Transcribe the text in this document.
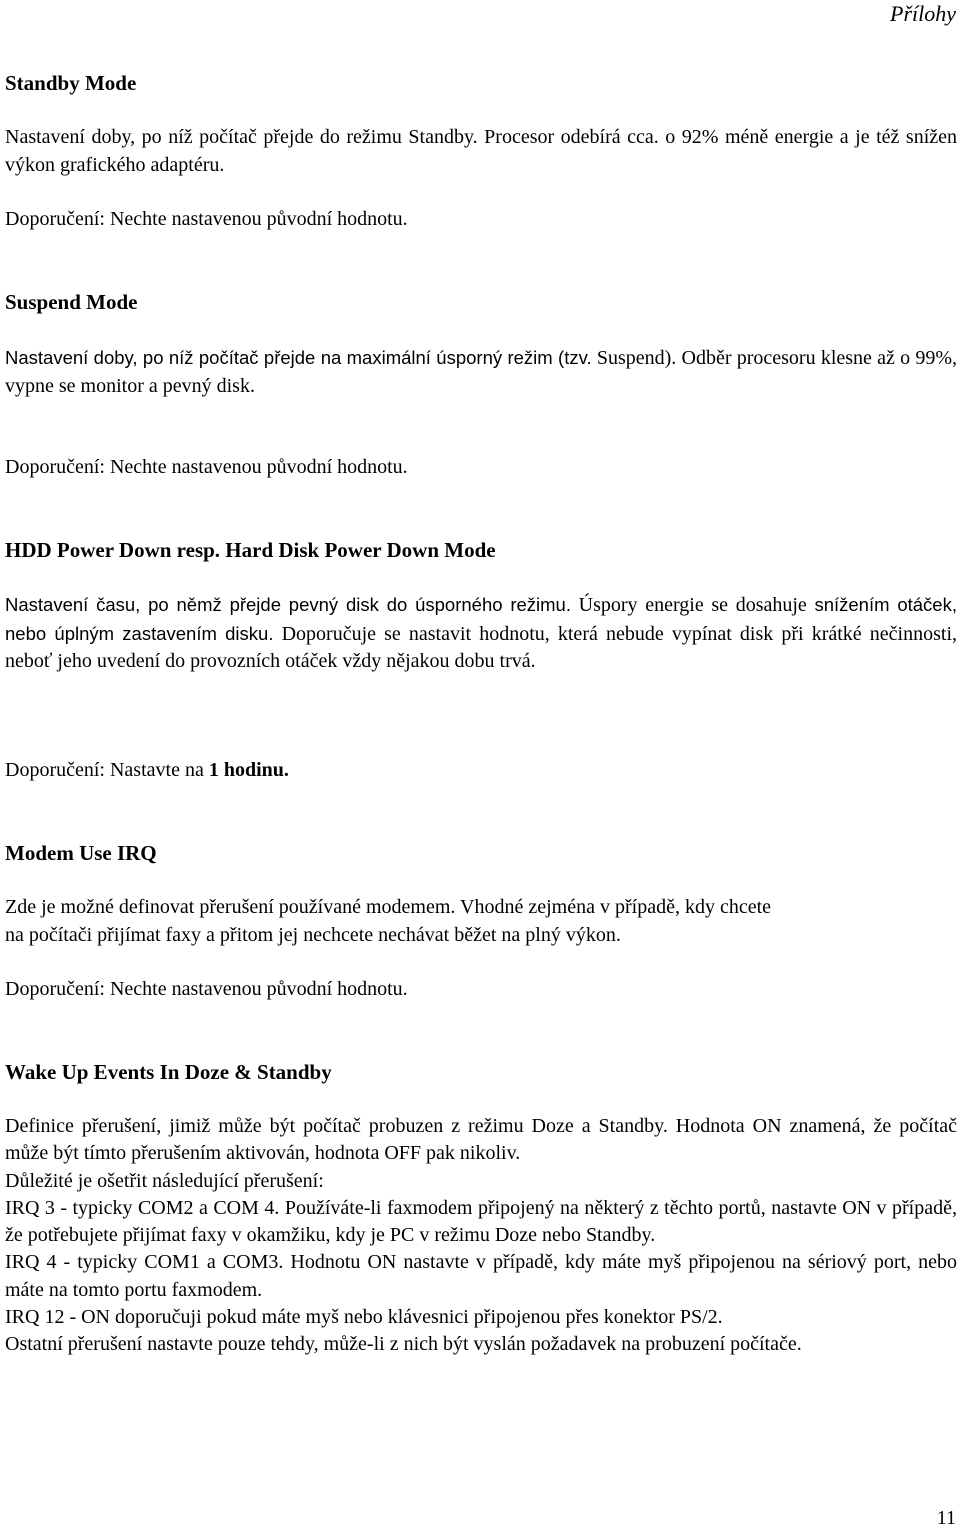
Přílohy
Standby Mode

Nastavení doby, po níž počítač přejde do režimu Standby. Procesor odebírá cca. o 92% méně energie a je též snížen výkon grafického adaptéru.

Doporučení: Nechte nastavenou původní hodnotu.

Suspend Mode

Nastavení doby, po níž počítač přejde na maximální úsporný režim (tzv. Suspend). Odběr procesoru klesne až o 99%, vypne se monitor a pevný disk.

Doporučení: Nechte nastavenou původní hodnotu.

HDD Power Down resp. Hard Disk Power Down Mode

Nastavení času, po němž přejde pevný disk do úsporného režimu. Úspory energie se dosahuje snížením otáček, nebo úplným zastavením disku. Doporučuje se nastavit hodnotu, která nebude vypínat disk při krátké nečinnosti, neboť jeho uvedení do provozních otáček vždy nějakou dobu trvá.

Doporučení: Nastavte na 1 hodinu.

Modem Use IRQ

Zde je možné definovat přerušení používané modemem. Vhodné zejména v případě, kdy chcete

na počítači přijímat faxy a přitom jej nechcete nechávat běžet na plný výkon.

Doporučení: Nechte nastavenou původní hodnotu.

Wake Up Events In Doze & Standby

Definice přerušení, jimiž může být počítač probuzen z režimu Doze a Standby. Hodnota ON znamená, že počítač může být tímto přerušením aktivován, hodnota OFF pak nikoliv.

Důležité je ošetřit následující přerušení:

IRQ 3 - typicky COM2 a COM 4. Používáte-li faxmodem připojený na některý z těchto portů, nastavte ON v případě, že potřebujete přijímat faxy v okamžiku, kdy je PC v režimu Doze nebo Standby.

IRQ 4 - typicky COM1 a COM3. Hodnotu ON nastavte v případě, kdy máte myš připojenou na sériový port, nebo máte na tomto portu faxmodem.

IRQ 12 - ON doporučuji pokud máte myš nebo klávesnici připojenou přes konektor PS/2.

Ostatní přerušení nastavte pouze tehdy, může-li z nich být vyslán požadavek na probuzení počítače.

11
